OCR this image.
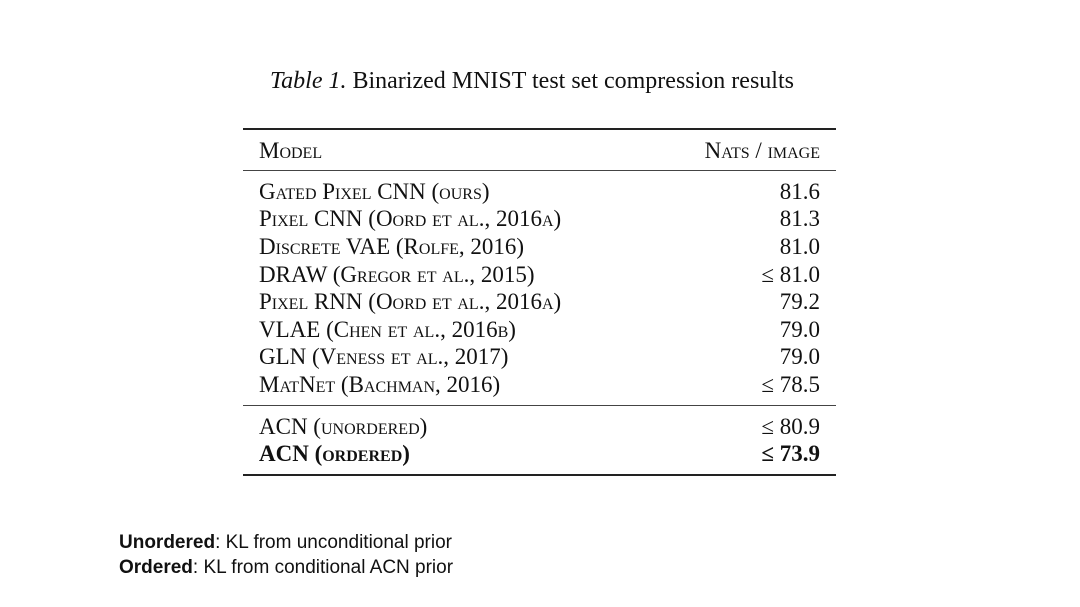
Table 1. Binarized MNIST test set compression results
Model	Nats / image
Gated Pixel CNN (ours)	81.6
Pixel CNN (Oord et al., 2016a)	81.3
Discrete VAE (Rolfe, 2016)	81.0
DRAW (Gregor et al., 2015)	≤ 81.0
Pixel RNN (Oord et al., 2016a)	79.2
VLAE (Chen et al., 2016b)	79.0
GLN (Veness et al., 2017)	79.0
MatNet (Bachman, 2016)	≤ 78.5
ACN (unordered)	≤ 80.9
ACN (ordered)	≤ 73.9
Unordered: KL from unconditional prior
Ordered: KL from conditional ACN prior
